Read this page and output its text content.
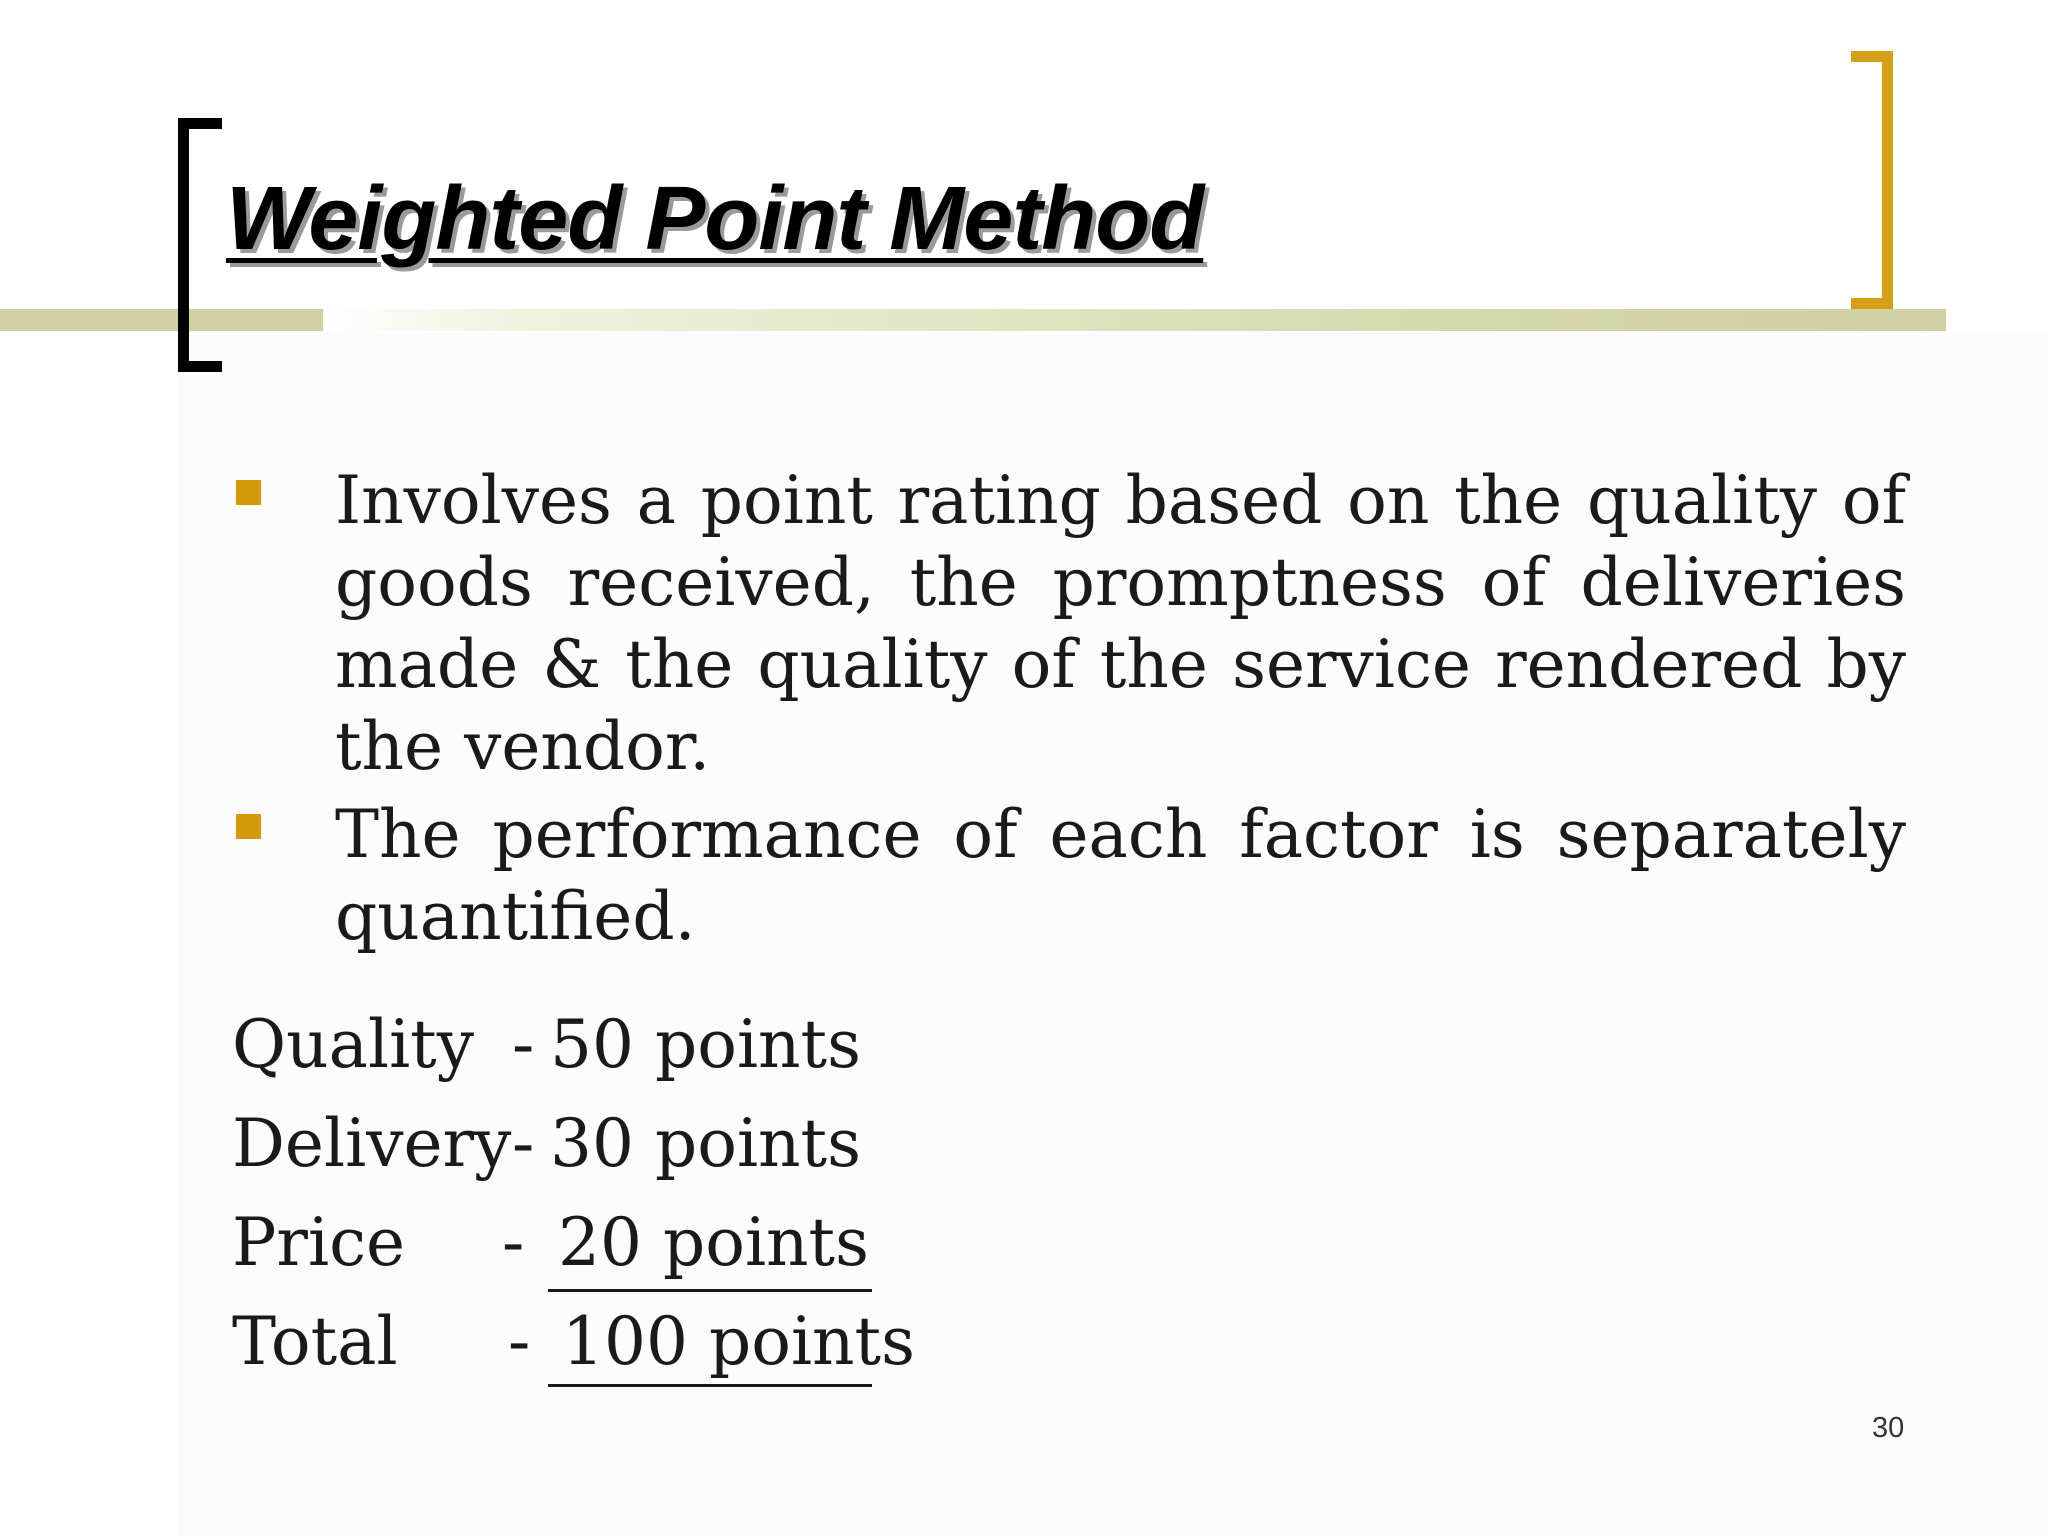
Weighted Point Method
Involves a point rating based on the quality of goods received, the promptness of deliveries made & the quality of the service rendered by the vendor.
The performance of each factor is separately quantified.
Quality - 50 points
Delivery - 30 points
Price - 20 points
Total - 100 points
30
